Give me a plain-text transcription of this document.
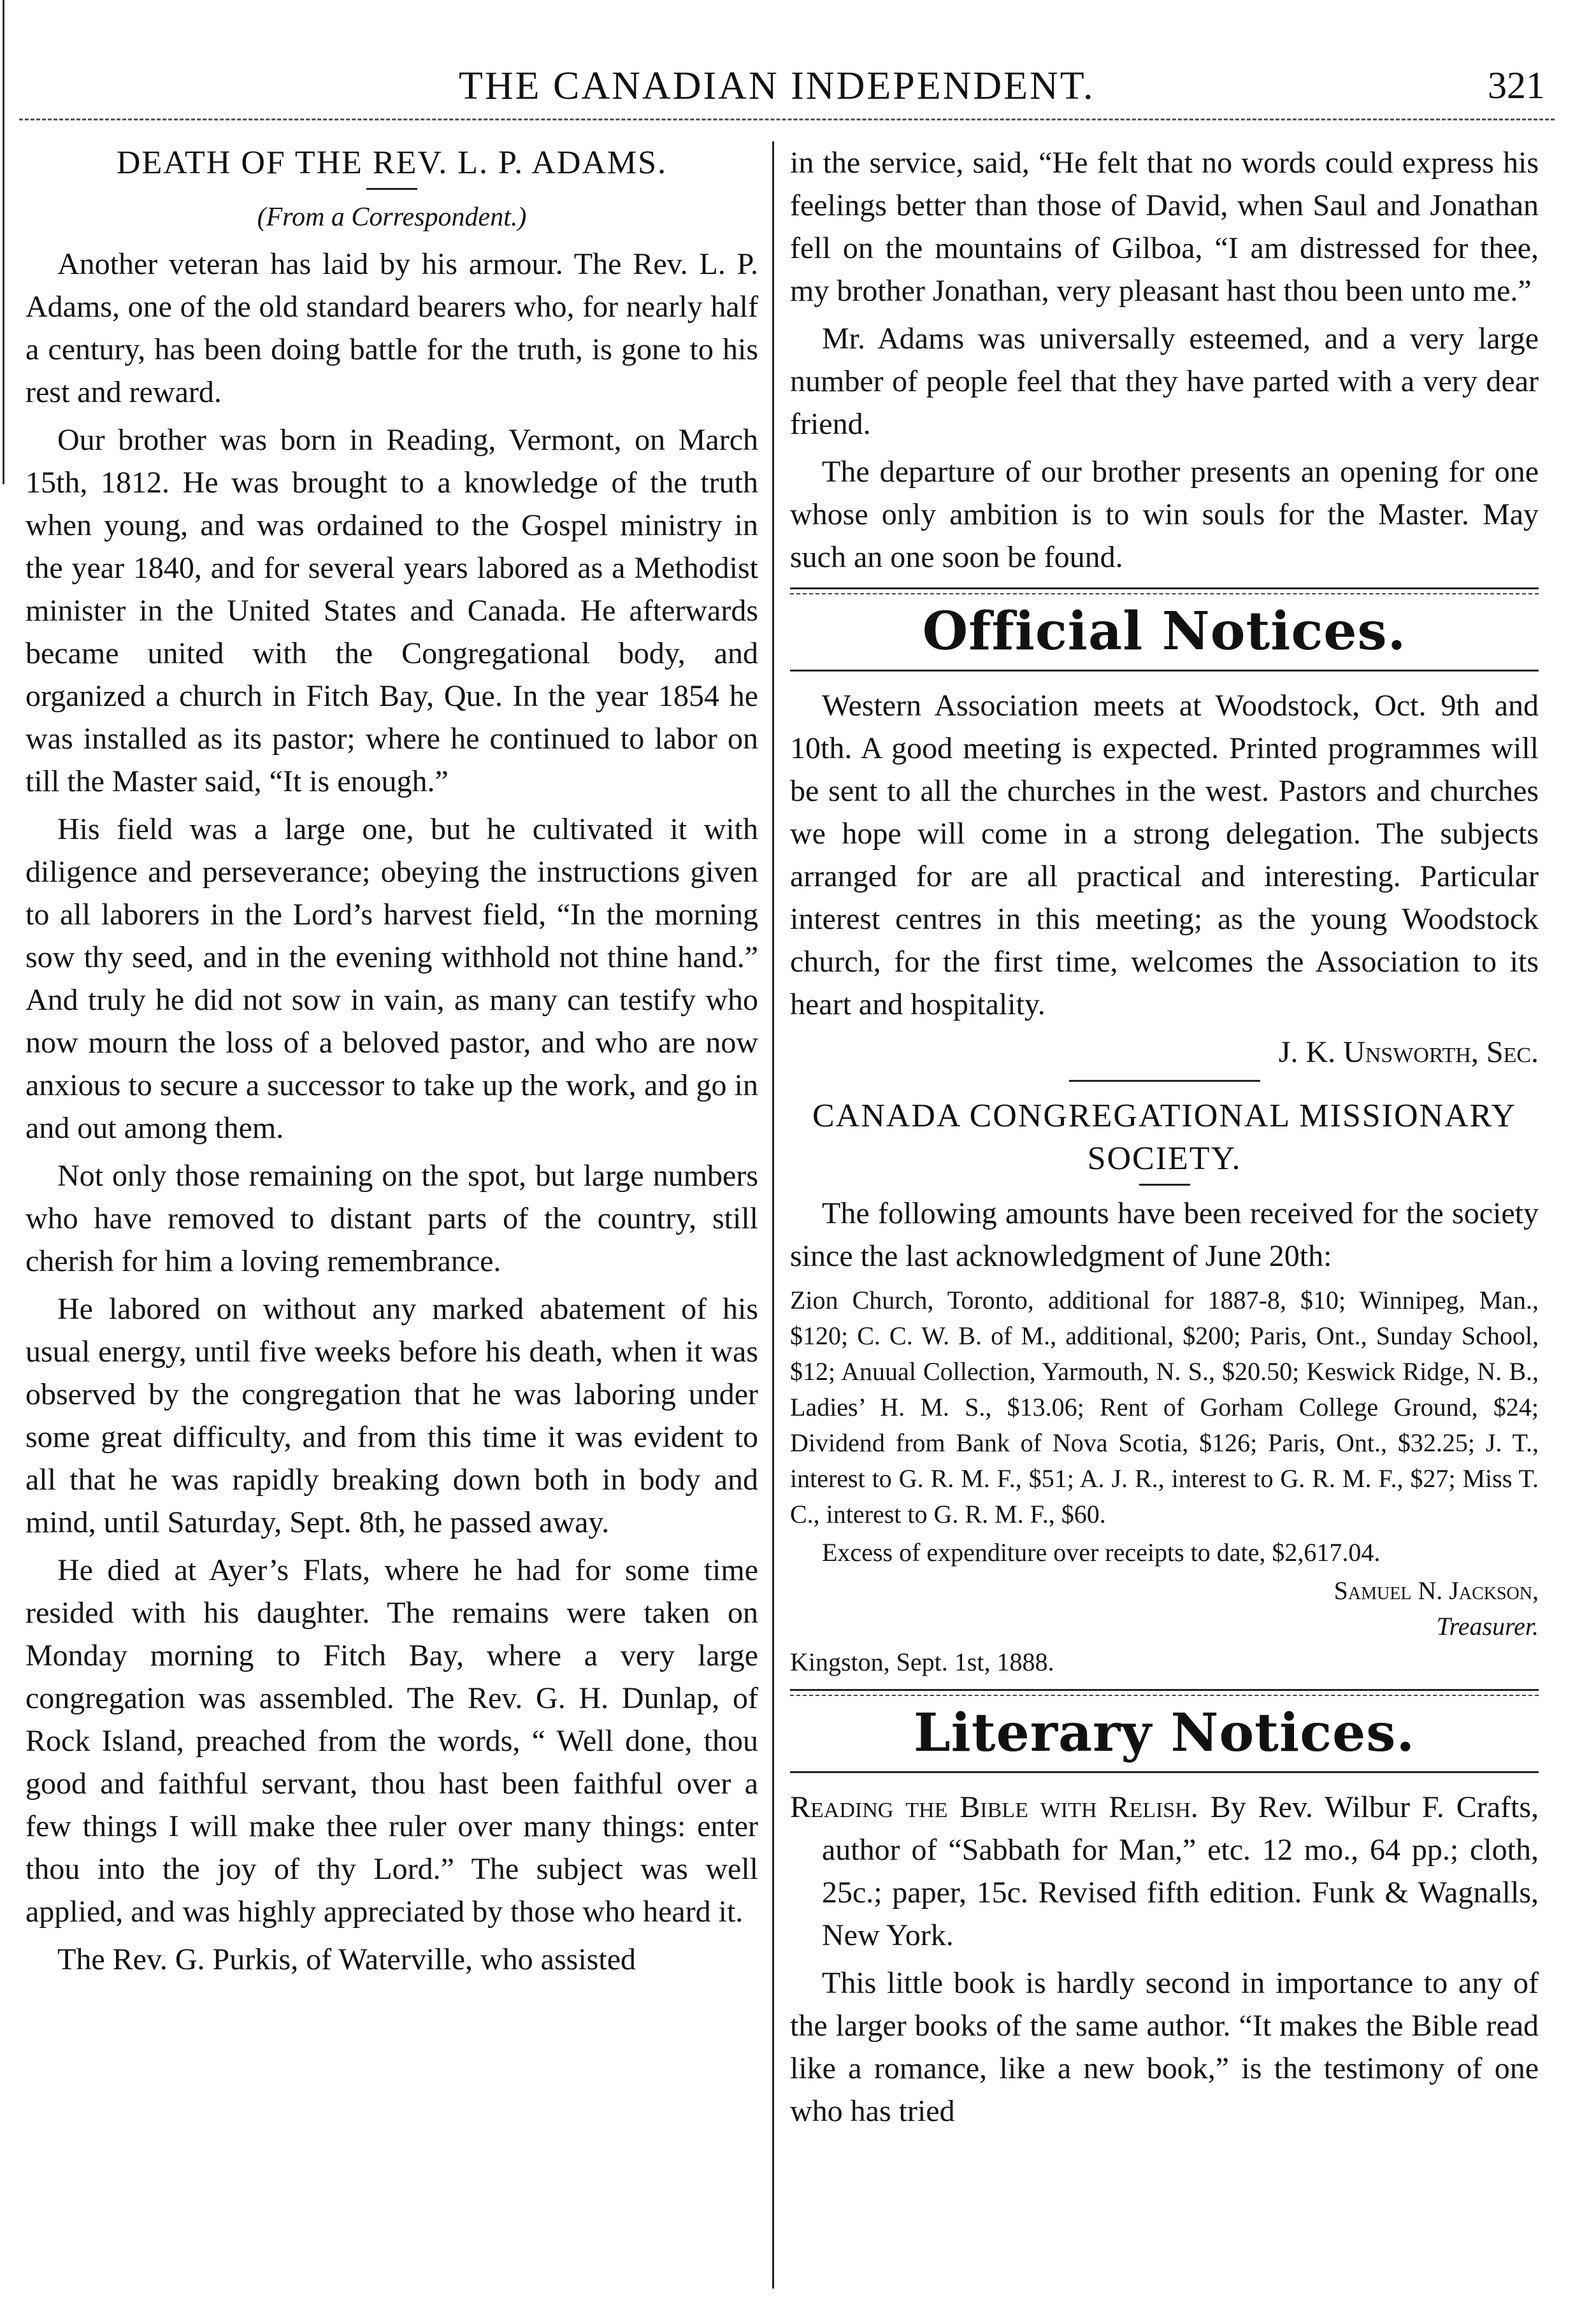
THE CANADIAN INDEPENDENT.	321
DEATH OF THE REV. L. P. ADAMS.
(From a Correspondent.)

Another veteran has laid by his armour. The Rev. L. P. Adams, one of the old standard bearers who, for nearly half a century, has been doing battle for the truth, is gone to his rest and reward.

Our brother was born in Reading, Vermont, on March 15th, 1812. He was brought to a knowledge of the truth when young, and was ordained to the Gospel ministry in the year 1840, and for several years labored as a Methodist minister in the United States and Canada. He afterwards became united with the Congregational body, and organized a church in Fitch Bay, Que. In the year 1854 he was installed as its pastor; where he continued to labor on till the Master said, “It is enough.”

His field was a large one, but he cultivated it with diligence and perseverance; obeying the instructions given to all laborers in the Lord’s harvest field, “In the morning sow thy seed, and in the evening withhold not thine hand.” And truly he did not sow in vain, as many can testify who now mourn the loss of a beloved pastor, and who are now anxious to secure a successor to take up the work, and go in and out among them.

Not only those remaining on the spot, but large numbers who have removed to distant parts of the country, still cherish for him a loving remembrance.

He labored on without any marked abatement of his usual energy, until five weeks before his death, when it was observed by the congregation that he was laboring under some great difficulty, and from this time it was evident to all that he was rapidly breaking down both in body and mind, until Saturday, Sept. 8th, he passed away.

He died at Ayer’s Flats, where he had for some time resided with his daughter. The remains were taken on Monday morning to Fitch Bay, where a very large congregation was assembled. The Rev. G. H. Dunlap, of Rock Island, preached from the words, “ Well done, thou good and faithful servant, thou hast been faithful over a few things I will make thee ruler over many things: enter thou into the joy of thy Lord.” The subject was well applied, and was highly appreciated by those who heard it.

The Rev. G. Purkis, of Waterville, who assisted

in the service, said, “He felt that no words could express his feelings better than those of David, when Saul and Jonathan fell on the mountains of Gilboa, “I am distressed for thee, my brother Jonathan, very pleasant hast thou been unto me.”

Mr. Adams was universally esteemed, and a very large number of people feel that they have parted with a very dear friend.

The departure of our brother presents an opening for one whose only ambition is to win souls for the Master. May such an one soon be found.

Official Notices.

Western Association meets at Woodstock, Oct. 9th and 10th. A good meeting is expected. Printed programmes will be sent to all the churches in the west. Pastors and churches we hope will come in a strong delegation. The subjects arranged for are all practical and interesting. Particular interest centres in this meeting; as the young Woodstock church, for the first time, welcomes the Association to its heart and hospitality.

J. K. Unsworth, Sec.

CANADA CONGREGATIONAL MISSIONARY SOCIETY.

The following amounts have been received for the society since the last acknowledgment of June 20th:

Zion Church, Toronto, additional for 1887-8, $10; Winnipeg, Man., $120; C. C. W. B. of M., additional, $200; Paris, Ont., Sunday School, $12; Anuual Collection, Yarmouth, N. S., $20.50; Keswick Ridge, N. B., Ladies’ H. M. S., $13.06; Rent of Gorham College Ground, $24; Dividend from Bank of Nova Scotia, $126; Paris, Ont., $32.25; J. T., interest to G. R. M. F., $51; A. J. R., interest to G. R. M. F., $27; Miss T. C., interest to G. R. M. F., $60.

Excess of expenditure over receipts to date, $2,617.04.

Samuel N. Jackson,

Treasurer.

Kingston, Sept. 1st, 1888.

Literary Notices.

Reading the Bible with Relish. By Rev. Wilbur F. Crafts, author of “Sabbath for Man,” etc. 12 mo., 64 pp.; cloth, 25c.; paper, 15c. Revised fifth edition. Funk & Wagnalls, New York.

This little book is hardly second in importance to any of the larger books of the same author. “It makes the Bible read like a romance, like a new book,” is the testimony of one who has tried
